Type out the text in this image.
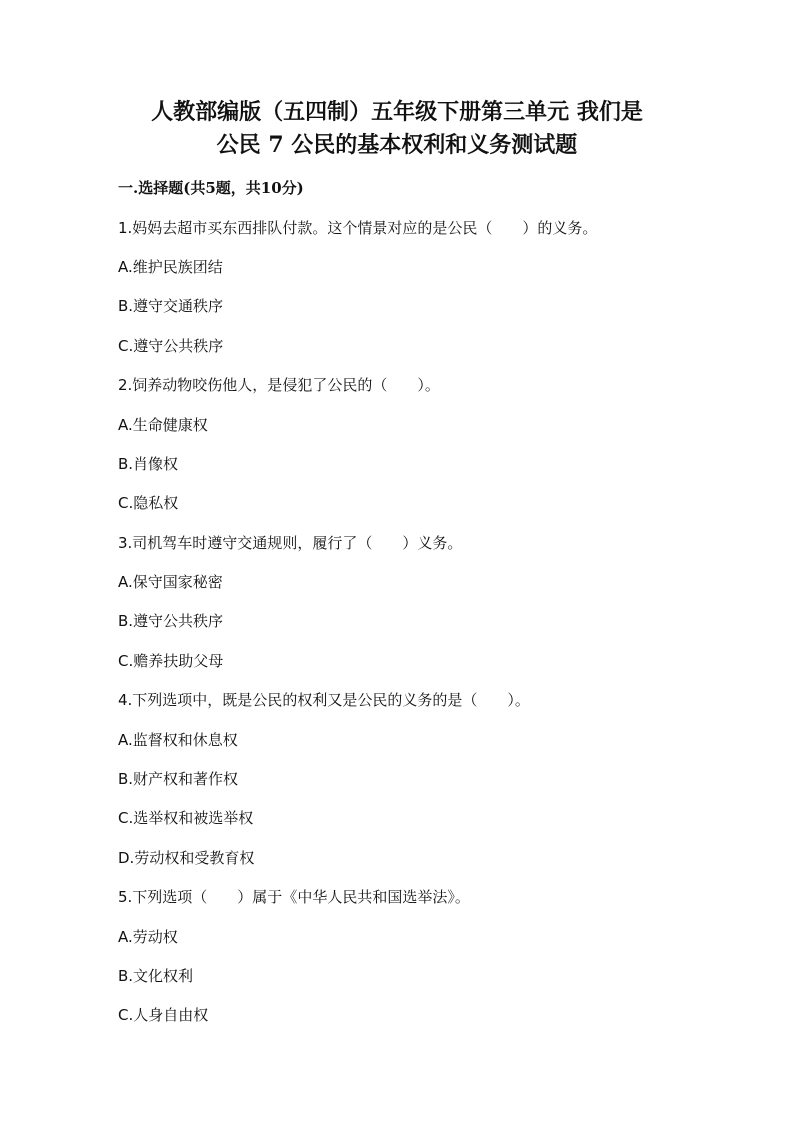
人教部编版（五四制）五年级下册第三单元 我们是
公民 7 公民的基本权利和义务测试题

一.选择题(共5题，共10分)

1.妈妈去超市买东西排队付款。这个情景对应的是公民（　　）的义务。

A.维护民族团结

B.遵守交通秩序

C.遵守公共秩序

2.饲养动物咬伤他人，是侵犯了公民的（　　）。

A.生命健康权

B.肖像权

C.隐私权

3.司机驾车时遵守交通规则，履行了（　　）义务。

A.保守国家秘密

B.遵守公共秩序

C.赡养扶助父母

4.下列选项中，既是公民的权利又是公民的义务的是（　　）。

A.监督权和休息权

B.财产权和著作权

C.选举权和被选举权

D.劳动权和受教育权

5.下列选项（　　）属于《中华人民共和国选举法》。

A.劳动权

B.文化权利

C.人身自由权
